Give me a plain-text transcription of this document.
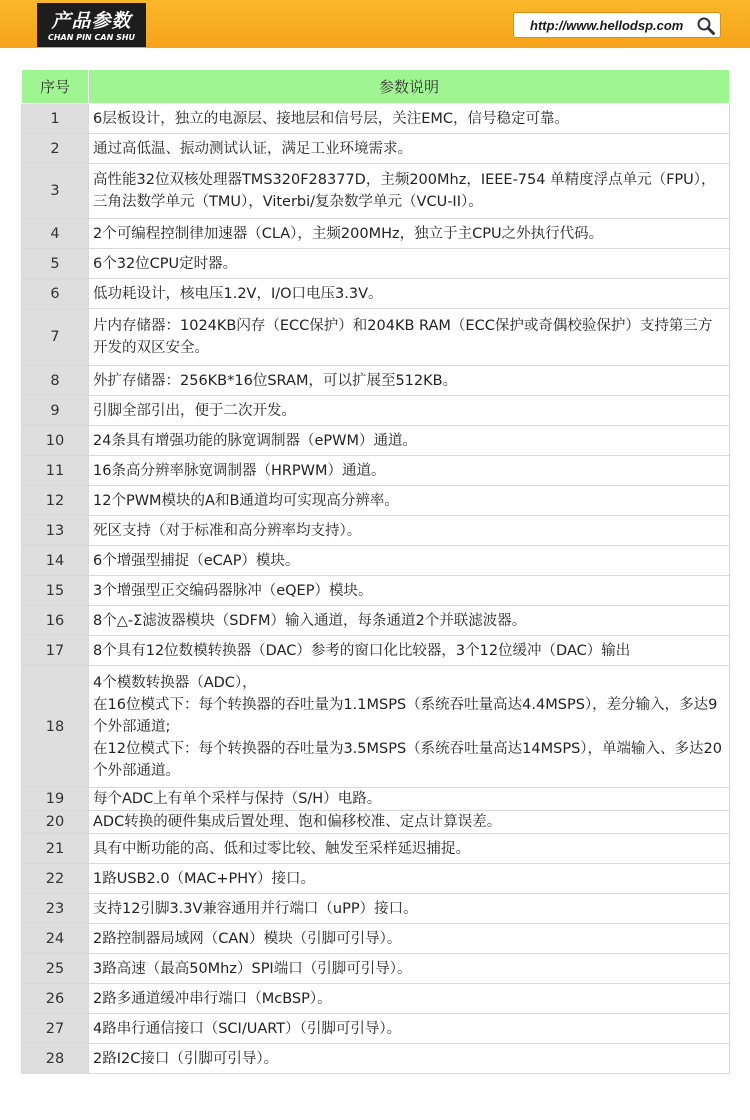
产品参数
CHAN PIN CAN SHU
http://www.hellodsp.com
序号	参数说明
1	6层板设计，独立的电源层、接地层和信号层，关注EMC，信号稳定可靠。
2	通过高低温、振动测试认证，满足工业环境需求。
3	高性能32位双核处理器TMS320F28377D，主频200Mhz，IEEE-754 单精度浮点单元（FPU），三角法数学单元（TMU），Viterbi/复杂数学单元（VCU-II）。
4	2个可编程控制律加速器（CLA），主频200MHz，独立于主CPU之外执行代码。
5	6个32位CPU定时器。
6	低功耗设计，核电压1.2V，I/O口电压3.3V。
7	片内存储器：1024KB闪存（ECC保护）和204KB RAM（ECC保护或奇偶校验保护）支持第三方开发的双区安全。
8	外扩存储器：256KB*16位SRAM，可以扩展至512KB。
9	引脚全部引出，便于二次开发。
10	24条具有增强功能的脉宽调制器（ePWM）通道。
11	16条高分辨率脉宽调制器（HRPWM）通道。
12	12个PWM模块的A和B通道均可实现高分辨率。
13	死区支持（对于标准和高分辨率均支持）。
14	6个增强型捕捉（eCAP）模块。
15	3个增强型正交编码器脉冲（eQEP）模块。
16	8个△-Σ滤波器模块（SDFM）输入通道，每条通道2个并联滤波器。
17	8个具有12位数模转换器（DAC）参考的窗口化比较器，3个12位缓冲（DAC）输出
18	4个模数转换器（ADC），
在16位模式下：每个转换器的吞吐量为1.1MSPS（系统吞吐量高达4.4MSPS），差分输入，多达9个外部通道;
在12位模式下：每个转换器的吞吐量为3.5MSPS（系统吞吐量高达14MSPS），单端输入、多达20个外部通道。

19	每个ADC上有单个采样与保持（S/H）电路。
20	ADC转换的硬件集成后置处理、饱和偏移校准、定点计算误差。
21	具有中断功能的高、低和过零比较、触发至采样延迟捕捉。
22	1路USB2.0（MAC+PHY）接口。
23	支持12引脚3.3V兼容通用并行端口（uPP）接口。
24	2路控制器局域网（CAN）模块（引脚可引导）。
25	3路高速（最高50Mhz）SPI端口（引脚可引导）。
26	2路多通道缓冲串行端口（McBSP）。
27	4路串行通信接口（SCI/UART）（引脚可引导）。
28	2路I2C接口（引脚可引导）。
